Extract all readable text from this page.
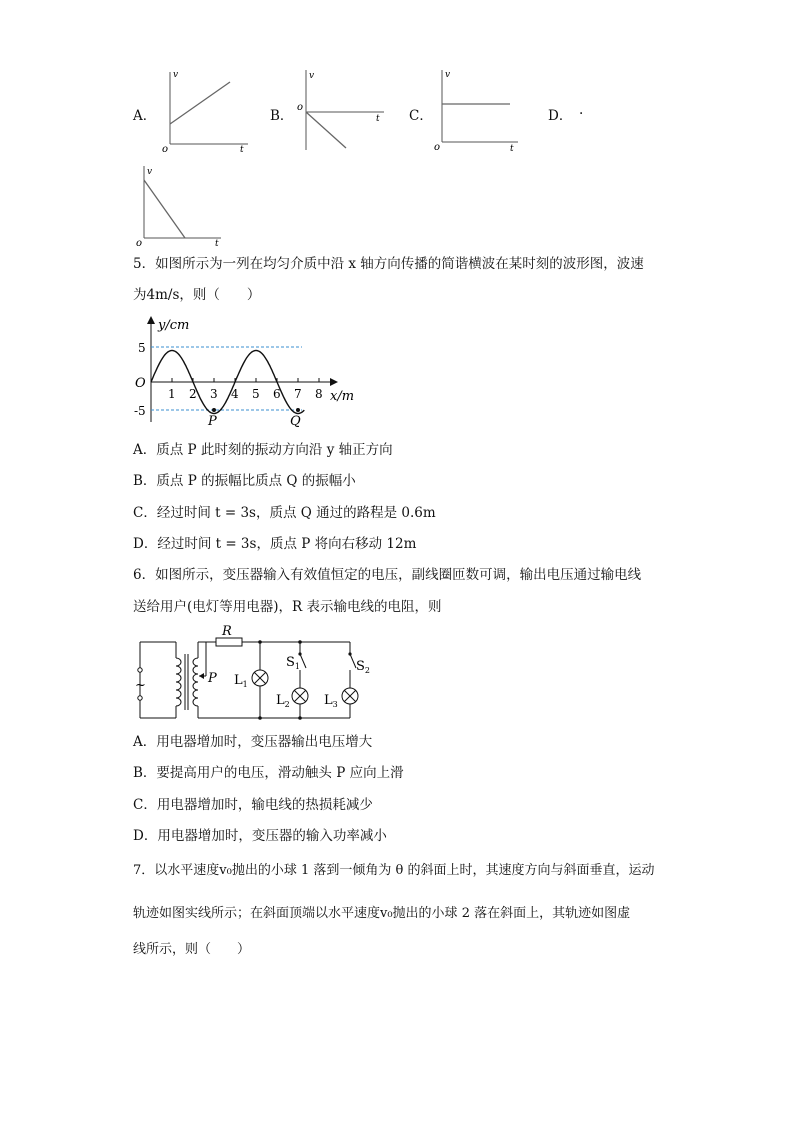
A．
v
o	t
B．
v
o
t C．
v
o	t
D． .
v
o	t
5．如图所示为一列在均匀介质中沿 x 轴方向传播的简谐横波在某时刻的波形图，波速
为4m/s，则（　　）
y/cm
x/m
O
5
-5
1 2 3 4 5 6 7 8
P	Q
A．质点 P 此时刻的振动方向沿 y 轴正方向
B．质点 P 的振幅比质点 Q 的振幅小
C．经过时间 t = 3s，质点 Q 通过的路程是 0.6m
D．经过时间 t = 3s，质点 P 将向右移动 12m
6．如图所示，变压器输入有效值恒定的电压，副线圈匝数可调，输出电压通过输电线
送给用户(电灯等用电器)，R 表示输电线的电阻，则
~
R
P $L_1$
$L_2$	$L_3$
$S_1$	$S_2$
A．用电器增加时，变压器输出电压增大
B．要提高用户的电压，滑动触头 P 应向上滑
C．用电器增加时，输电线的热损耗减少
D．用电器增加时，变压器的输入功率减小
7．以水平速度v₀抛出的小球 1 落到一倾角为 θ 的斜面上时，其速度方向与斜面垂直，运动
轨迹如图实线所示；在斜面顶端以水平速度v₀抛出的小球 2 落在斜面上，其轨迹如图虚
线所示，则（　　）
